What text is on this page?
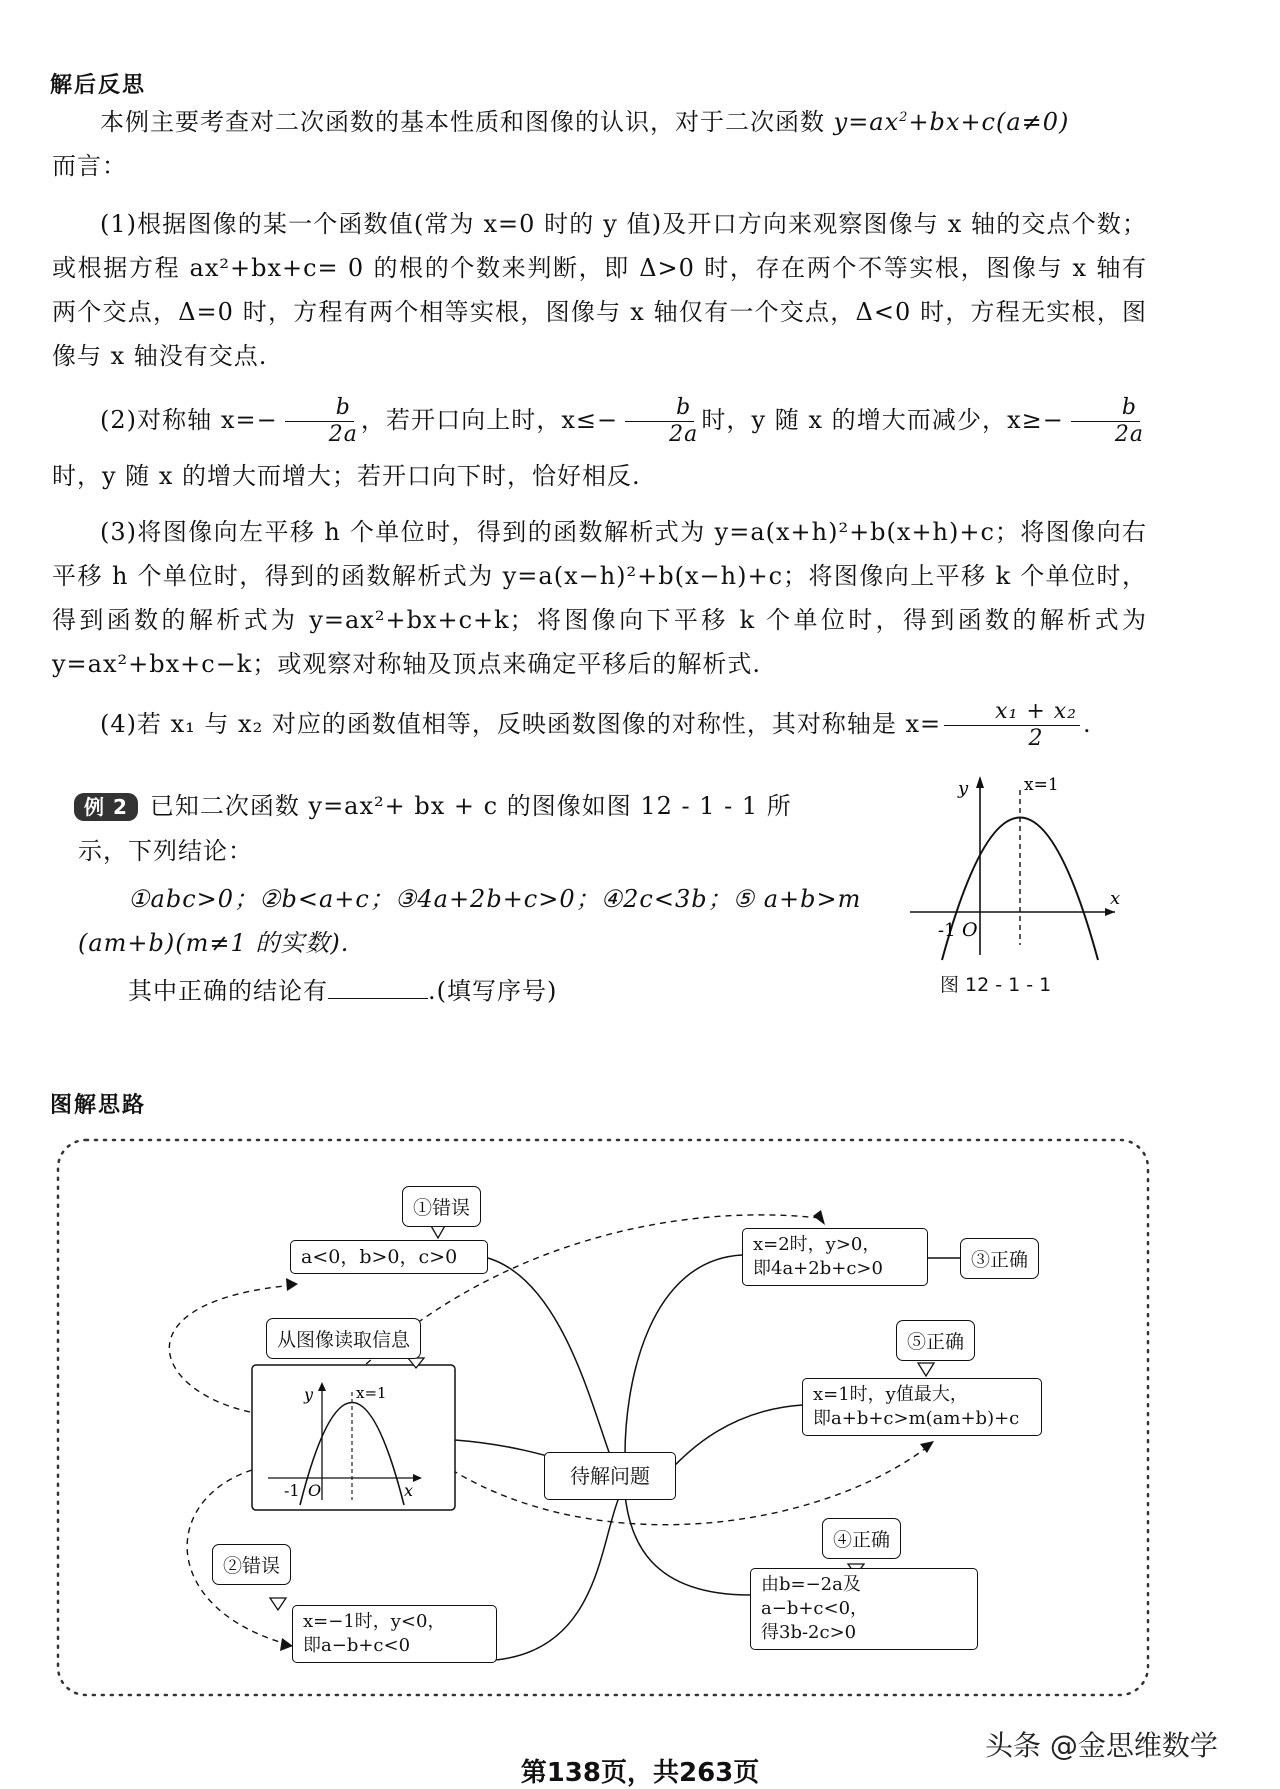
解后反思

本例主要考查对二次函数的基本性质和图像的认识，对于二次函数 $y=ax^2+bx+c(a\ne 0)$

而言：

(1)根据图像的某一个函数值(常为 x=0 时的 y 值)及开口方向来观察图像与 x 轴的交点个数；或根据方程 ax²+bx+c= 0 的根的个数来判断，即 Δ>0 时，存在两个不等实根，图像与 x 轴有两个交点，Δ=0 时，方程有两个相等实根，图像与 x 轴仅有一个交点，Δ<0 时，方程无实根，图像与 x 轴没有交点.

(2)对称轴 $x=- \frac{b}{2a}$ ，若开口向上时，$x\le- \frac{b}{2a}$ 时，y 随 x 的增大而减少，$x\ge- \frac{b}{2a}$
时，y 随 x 的增大而增大；若开口向下时，恰好相反.

(3)将图像向左平移 h 个单位时，得到的函数解析式为 y=a(x+h)²+b(x+h)+c；将图像向右平移 h 个单位时，得到的函数解析式为 y=a(x−h)²+b(x−h)+c；将图像向上平移 k 个单位时，得到函数的解析式为 y=ax²+bx+c+k；将图像向下平移 k 个单位时，得到函数的解析式为 y=ax²+bx+c−k；或观察对称轴及顶点来确定平移后的解析式.

(4)若 x₁ 与 x₂ 对应的函数值相等，反映函数图像的对称性，其对称轴是 $x= \frac{\text{x₁ + x₂}}{2}$ .

例 2 已知二次函数 y=ax²+ bx + c 的图像如图 12 - 1 - 1 所
示，下列结论：
①abc>0；②b<a+c；③4a+2b+c>0；④2c<3b；⑤ a+b>m
(am+b)(m≠1 的实数).
其中正确的结论有	.(填写序号)
y	x=1
x
-1 O
图 12 - 1 - 1
图解思路
y	x=1
x
-1 O
①错误
a<0，b>0，c>0
从图像读取信息
②错误
x=−1时，y<0，
即a−b+c<0
待解问题
x=2时，y>0，
即4a+2b+c>0	③正确
⑤正确
x=1时，y值最大，
即a+b+c>m(am+b)+c
④正确
由b=−2a及a−b+c<0，
得3b-2c>0
头条 @金思维数学
第138页，共263页
